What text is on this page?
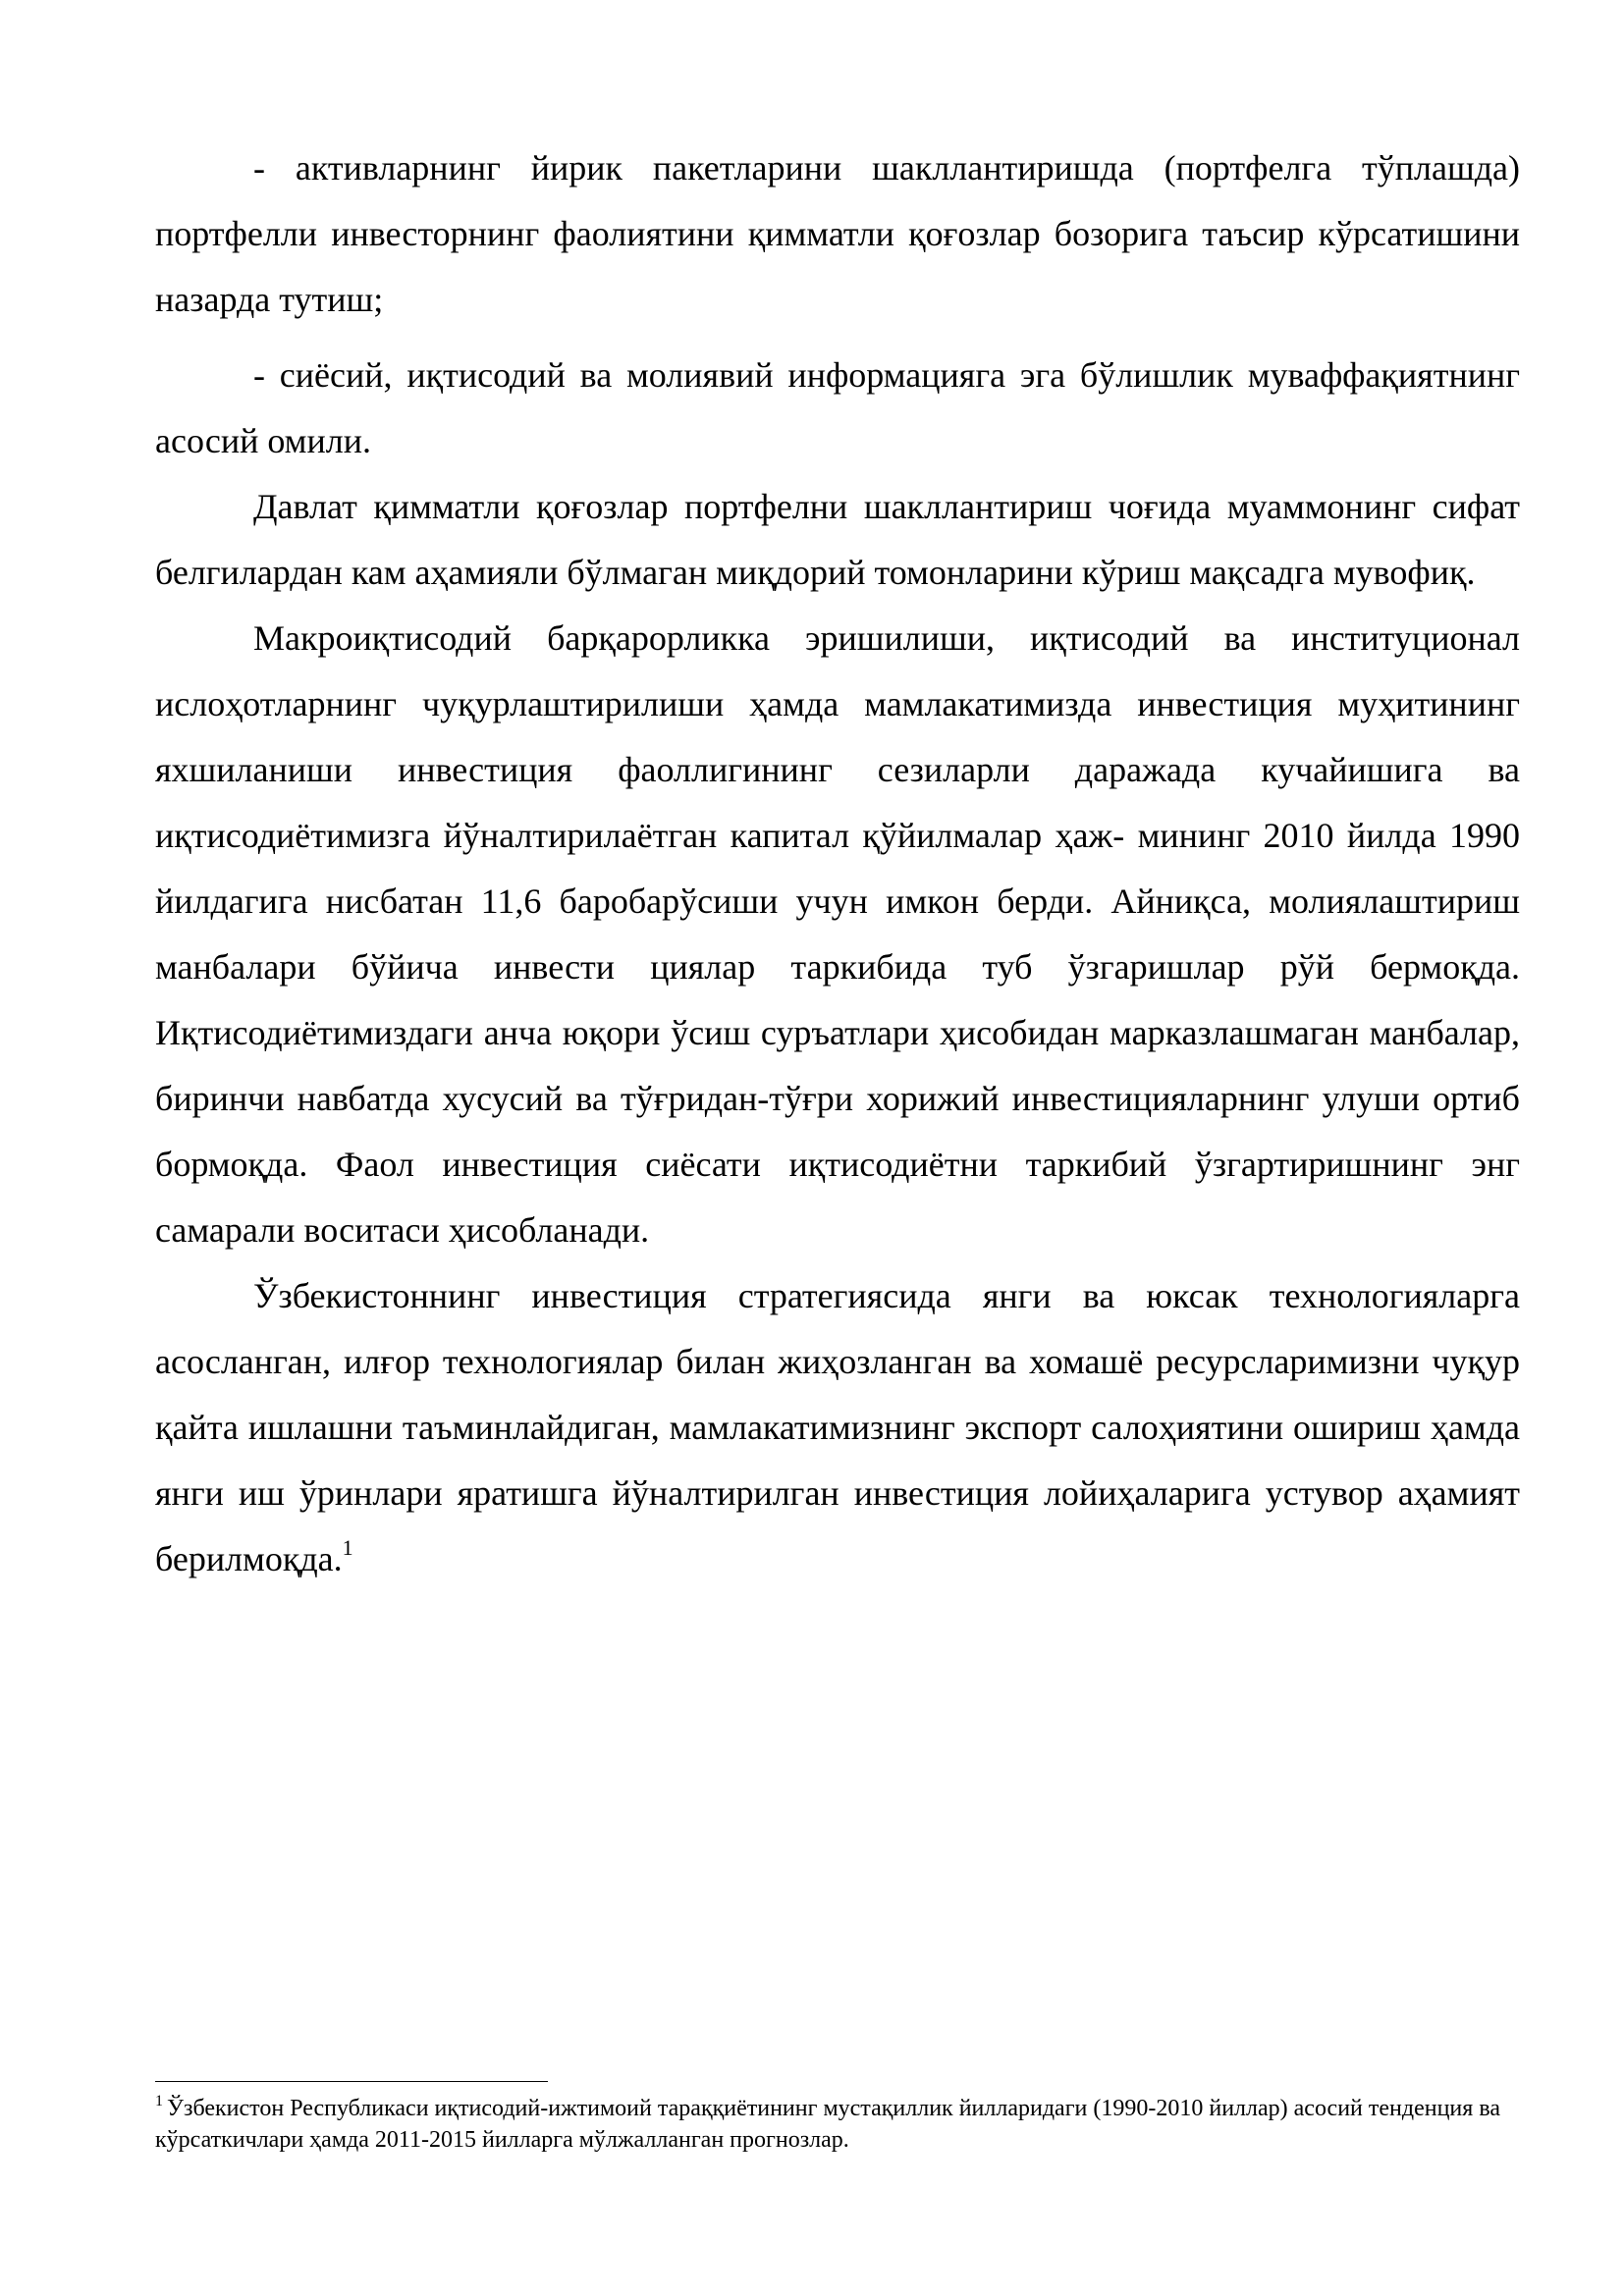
- активларнинг йирик пакетларини шакллантиришда (портфелга тўплашда) портфелли инвесторнинг фаолиятини қимматли қоғозлар бозорига таъсир кўрсатишини назарда тутиш;

- сиёсий, иқтисодий ва молиявий информацияга эга бўлишлик муваффақиятнинг асосий омили.

Давлат қимматли қоғозлар портфелни шакллантириш чоғида муаммонинг сифат белгилардан кам аҳамияли бўлмаган миқдорий томонларини кўриш мақсадга мувофиқ.

Макроиқтисодий барқарорликка эришилиши, иқтисодий ва институционал ислоҳотларнинг чуқурлаштирилиши ҳамда мамлакатимизда инвестиция муҳитининг яхшиланиши инвестиция фаоллигининг сезиларли даражада кучайишига ва иқтисодиётимизга йўналтирилаётган капитал қўйилмалар ҳаж- мининг 2010 йилда 1990 йилдагига нисбатан 11,6 баробарўсиши учун имкон берди. Айниқса, молиялаштириш манбалари бўйича инвести циялар таркибида туб ўзгаришлар рўй бермоқда. Иқтисодиётимиздаги анча юқори ўсиш суръатлари ҳисобидан марказлашмаган манбалар, биринчи навбатда хусусий ва тўғридан-тўғри хорижий инвестицияларнинг улуши ортиб бормоқда. Фаол инвестиция сиёсати иқтисодиётни таркибий ўзгартиришнинг энг самарали воситаси ҳисобланади.

Ўзбекистоннинг инвестиция стратегиясида янги ва юксак технологияларга асосланган, илғор технологиялар билан жиҳозланган ва хомашё ресурсларимизни чуқур қайта ишлашни таъминлайдиган, мамлакатимизнинг экспорт салоҳиятини ошириш ҳамда янги иш ўринлари яратишга йўналтирилган инвестиция лойиҳаларига устувор аҳамият берилмоқда.$^1$

$^1$ Ўзбекистон Республикаси иқтисодий-ижтимоий тараққиётининг мустақиллик йилларидаги (1990-2010 йиллар) асосий тенденция ва кўрсаткичлари ҳамда 2011-2015 йилларга мўлжалланган прогнозлар.
